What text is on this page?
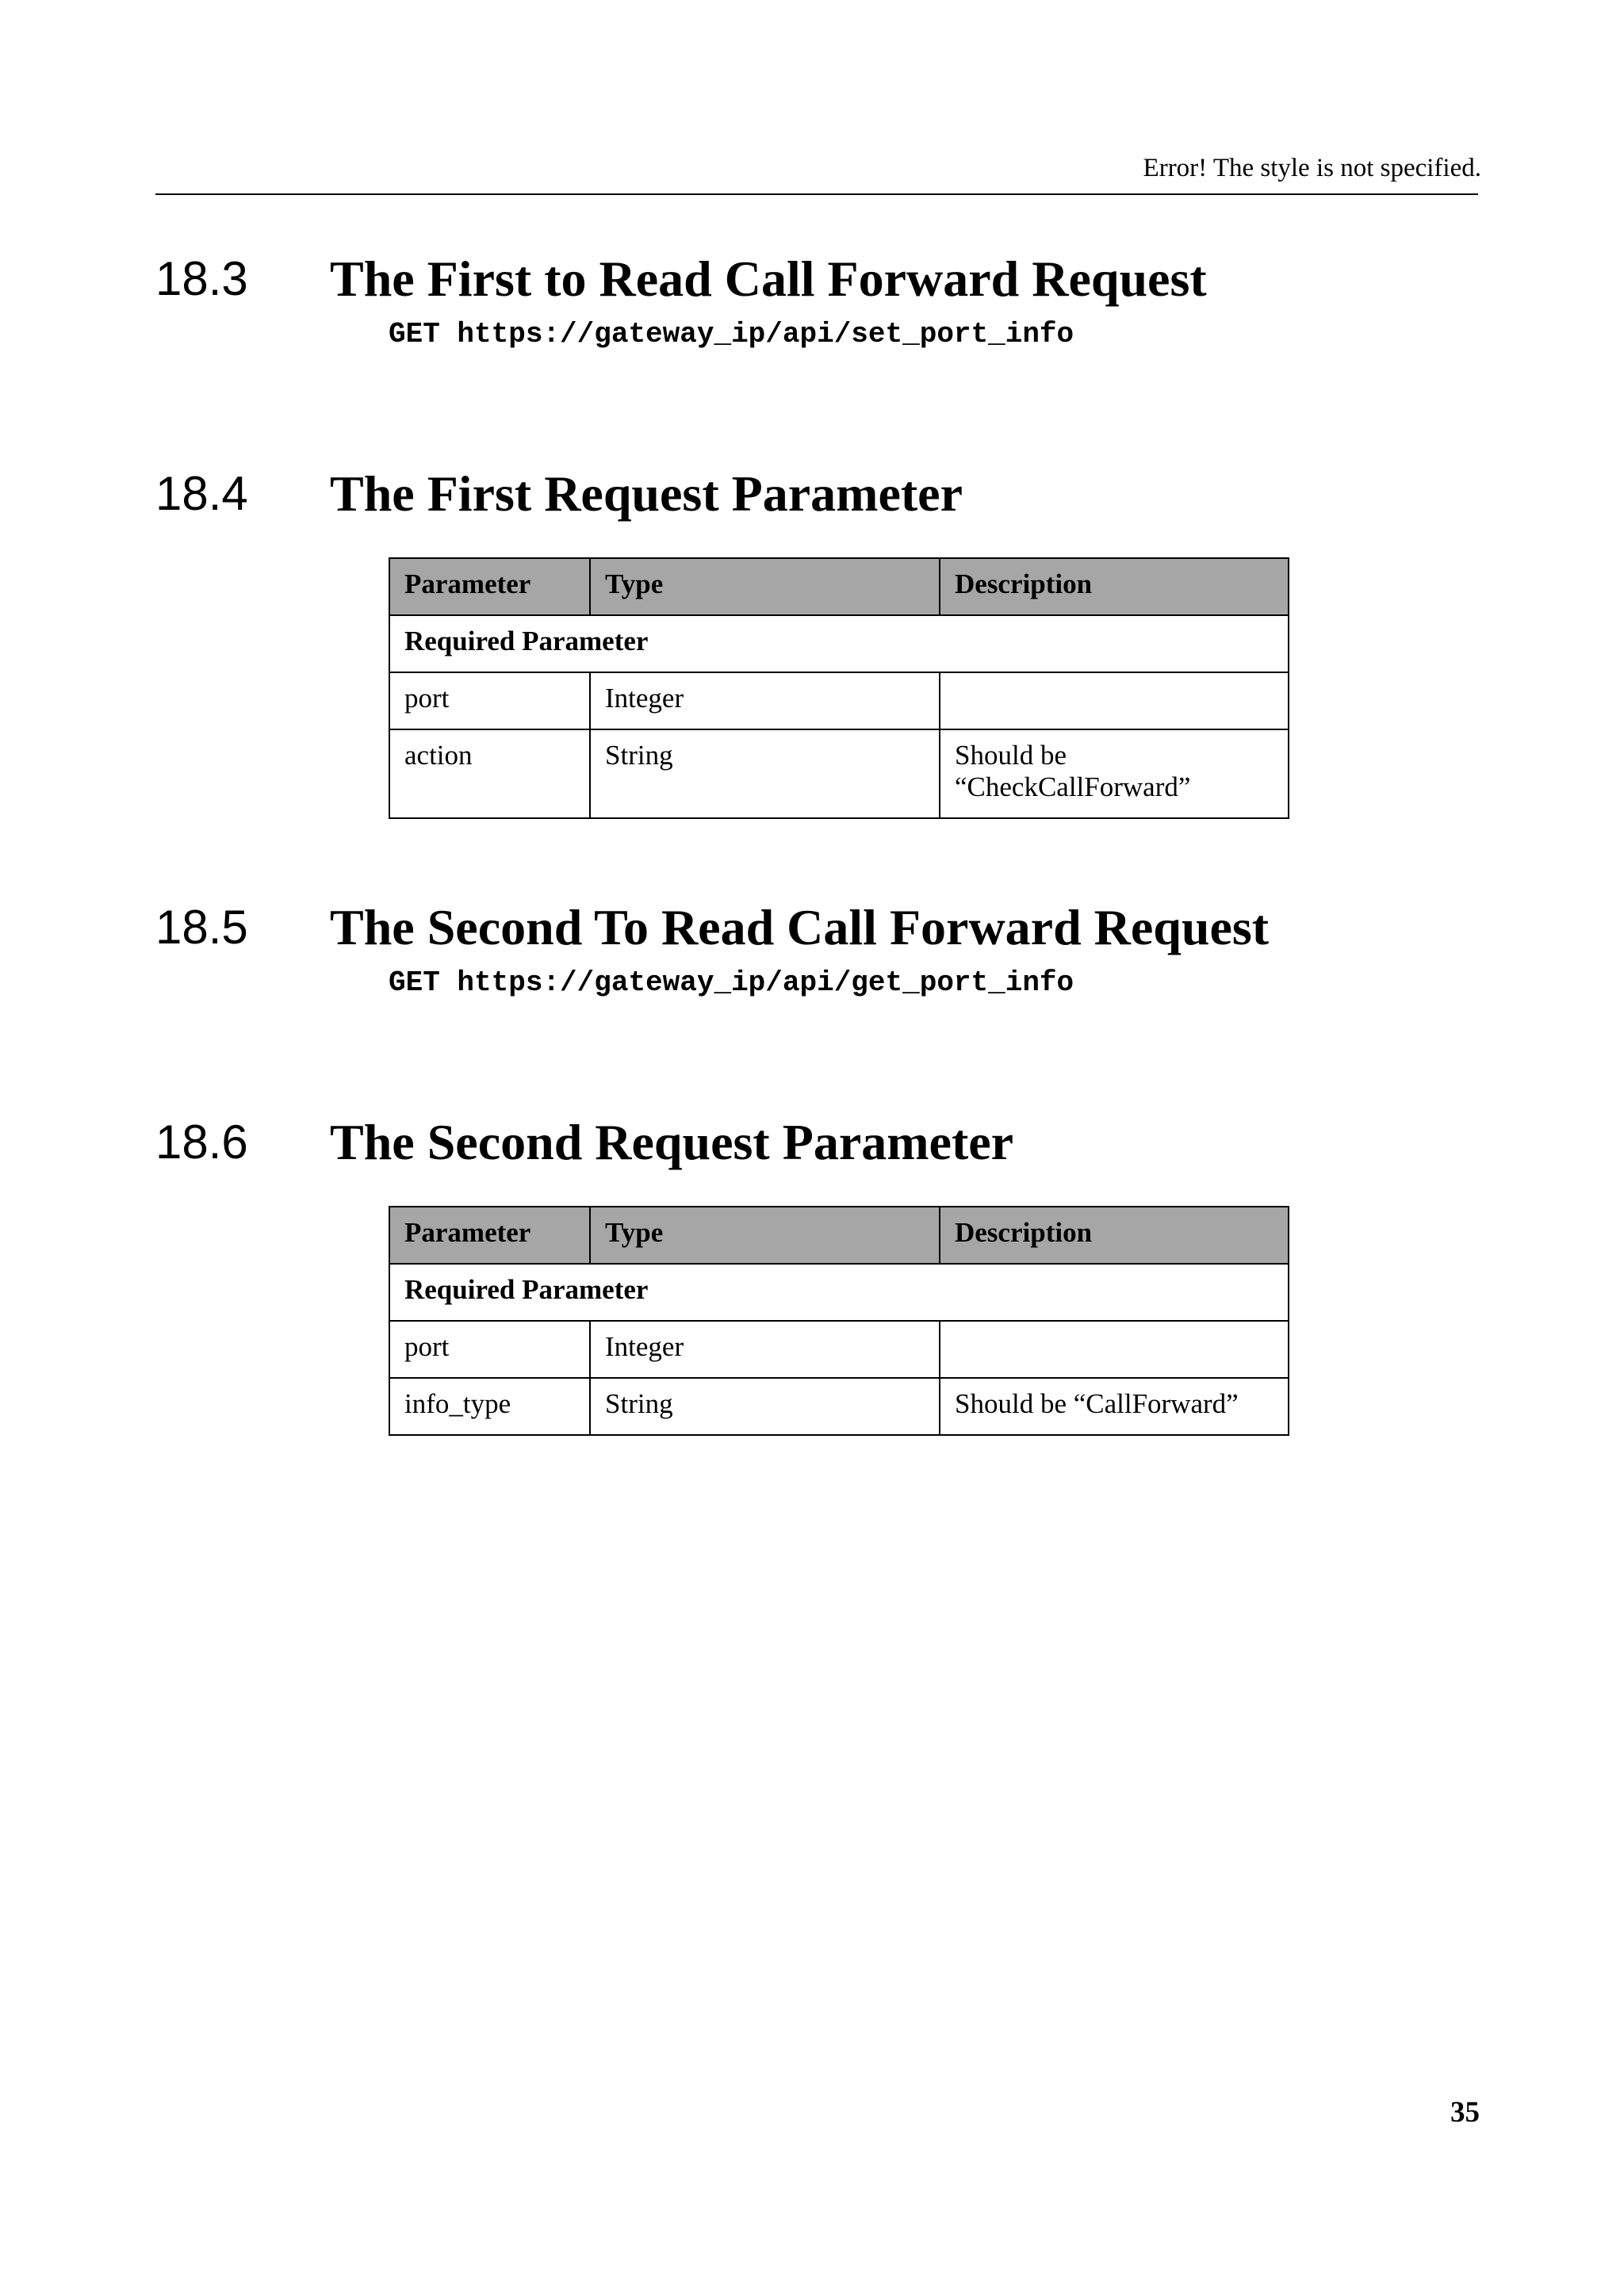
Error! The style is not specified.
18.3 The First to Read Call Forward Request
GET https://gateway_ip/api/set_port_info
18.4 The First Request Parameter
Parameter	Type	Description
Required Parameter		
port	Integer	
action	String	Should be “CheckCallForward”
18.5 The Second To Read Call Forward Request
GET https://gateway_ip/api/get_port_info
18.6 The Second Request Parameter
Parameter	Type	Description
Required Parameter		
port	Integer	
info_type	String	Should be “CallForward”
35
